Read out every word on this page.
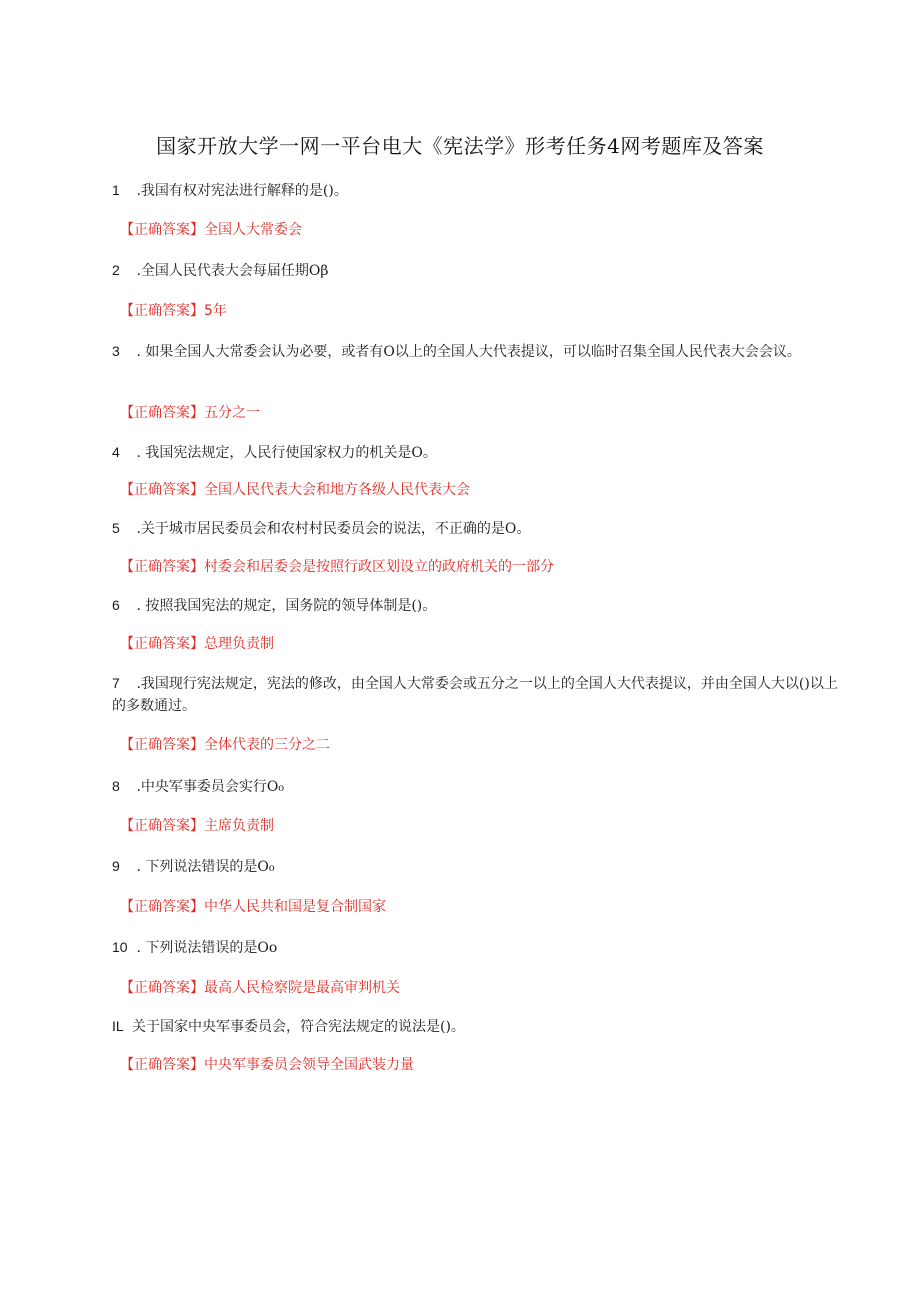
国家开放大学一网一平台电大《宪法学》形考任务4网考题库及答案
1 .我国有权对宪法进行解释的是()。
【正确答案】全国人大常委会
2 .全国人民代表大会每届任期Oβ
【正确答案】5年
3 . 如果全国人大常委会认为必要，或者有O以上的全国人大代表提议，可以临时召集全国人民代表大会会议。
【正确答案】五分之一
4 . 我国宪法规定，人民行使国家权力的机关是O。
【正确答案】全国人民代表大会和地方各级人民代表大会
5 .关于城市居民委员会和农村村民委员会的说法，不正确的是O。
【正确答案】村委会和居委会是按照行政区划设立的政府机关的一部分
6 . 按照我国宪法的规定，国务院的领导体制是()。
【正确答案】总理负责制
7 .我国现行宪法规定，宪法的修改，由全国人大常委会或五分之一以上的全国人大代表提议，并由全国人大以()以上的多数通过。
【正确答案】全体代表的三分之二
8 .中央军事委员会实行O₀
【正确答案】主席负责制
9 . 下列说法错误的是O₀
【正确答案】中华人民共和国是复合制国家
10 . 下列说法错误的是Oo
【正确答案】最高人民检察院是最高审判机关
IL 关于国家中央军事委员会，符合宪法规定的说法是()。
【正确答案】中央军事委员会领导全国武装力量
